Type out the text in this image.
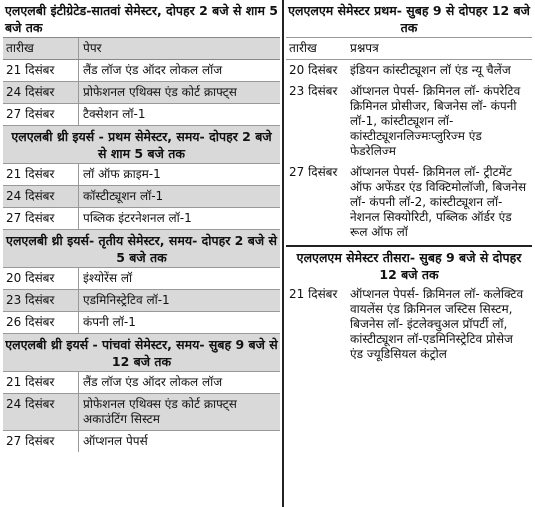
एलएलबी इंटीग्रेटेड-सातवां सेमेस्टर, दोपहर 2 बजे से शाम 5 बजे तक
तारीख	पेपर
21 दिसंबर	लैंड लॉज एंड ऑदर लोकल लॉज
24 दिसंबर	प्रोफेशनल एथिक्स एंड कोर्ट क्राफ्ट्स
27 दिसंबर	टैक्सेशन लॉ-1
एलएलबी थ्री इयर्स - प्रथम सेमेस्टर, समय- दोपहर 2 बजे से शाम 5 बजे तक
21 दिसंबर	लॉ ऑफ क्राइम-1
24 दिसंबर	कॉस्टीट्यूशन लॉ-1
27 दिसंबर	पब्लिक इंटरनेशनल लॉ-1
एलएलबी थ्री इयर्स- तृतीय सेमेस्टर, समय- दोपहर 2 बजे से 5 बजे तक
20 दिसंबर	इंश्योरेंस लॉ
23 दिसंबर	एडमिनिस्ट्रेटिव लॉ-1
26 दिसंबर	कंपनी लॉ-1
एलएलबी थ्री इयर्स - पांचवां सेमेस्टर, समय- सुबह 9 बजे से 12 बजे तक
21 दिसंबर	लैंड लॉज एंड ऑदर लोकल लॉज
24 दिसंबर	प्रोफेशनल एथिक्स एंड कोर्ट क्राफ्ट्स अकाउंटिंग सिस्टम
27 दिसंबर	ऑप्शनल पेपर्स
एलएलएम सेमेस्टर प्रथम- सुबह 9 से दोपहर 12 बजे तक
तारीख	प्रश्नपत्र
20 दिसंबर	इंडियन कांस्टीट्यूशन लॉ एंड न्यू चैलेंज
23 दिसंबर	ऑप्शनल पेपर्स- क्रिमिनल लॉ- कंपरेटिव क्रिमिनल प्रोसीजर, बिजनेस लॉ- कंपनी लॉ-1, कांस्टीट्यूशन लॉ- कांस्टीट्यूशनलिज्मःप्लुरिज्म एंड फेडरेलिज्म
27 दिसंबर	ऑप्शनल पेपर्स- क्रिमिनल लॉ- ट्रीटमेंट ऑफ अफेंडर एंड विक्टिमोलॉजी, बिजनेस लॉ- कंपनी लॉ-2, कांस्टीट्यूशन लॉ- नेशनल सिक्योरिटी, पब्लिक ऑर्डर एंड रूल ऑफ लॉ
एलएलएम सेमेस्टर तीसरा- सुबह 9 बजे से दोपहर 12 बजे तक
21 दिसंबर	ऑप्शनल पेपर्स- क्रिमिनल लॉ- कलेक्टिव वायलेंस एंड क्रिमिनल जस्टिस सिस्टम, बिजनेस लॉ- इंटलेक्चुअल प्रॉपर्टी लॉ, कांस्टीट्यूशन लॉ-एडमिनिस्ट्रेटिव प्रोसेज एंड ज्यूडिसियल कंट्रोल
